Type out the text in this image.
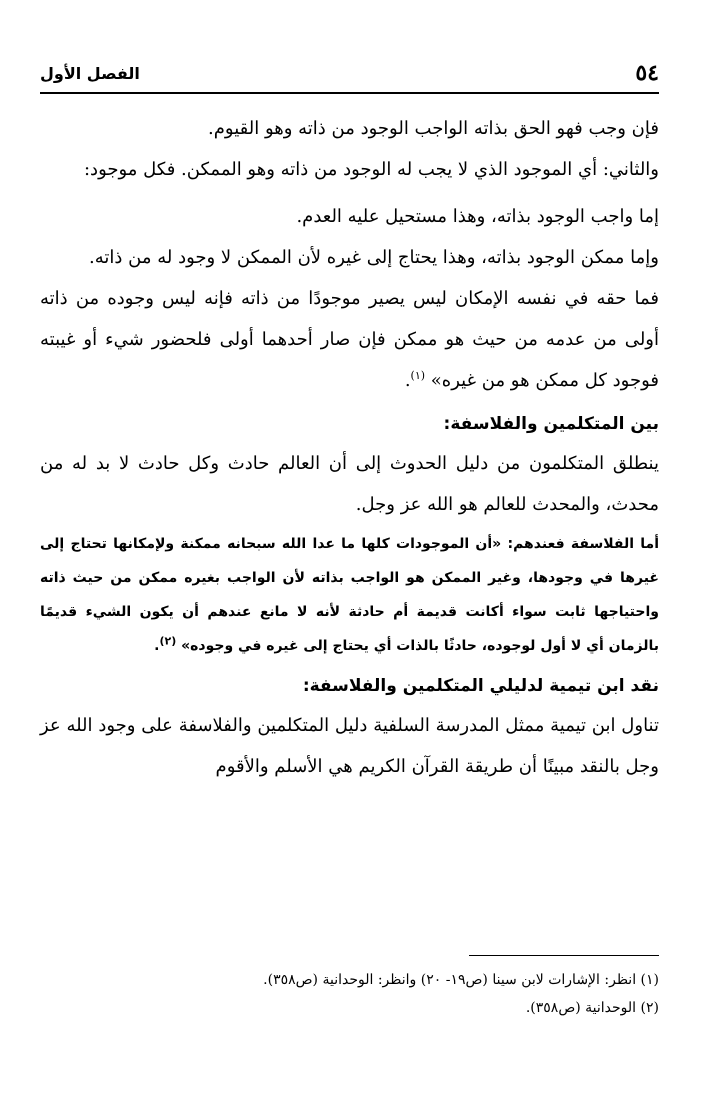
٥٤
الفصل الأول

فإن وجب فهو الحق بذاته الواجب الوجود من ذاته وهو القيوم.

والثاني: أي الموجود الذي لا يجب له الوجود من ذاته وهو الممكن. فكل موجود:

إما واجب الوجود بذاته، وهذا مستحيل عليه العدم.

وإما ممكن الوجود بذاته، وهذا يحتاج إلى غيره لأن الممكن لا وجود له من ذاته.

فما حقه في نفسه الإمكان ليس يصير موجودًا من ذاته فإنه ليس وجوده من ذاته أولى من عدمه من حيث هو ممكن فإن صار أحدهما أولى فلحضور شيء أو غيبته فوجود كل ممكن هو من غيره» $^{(١)}$.

بين المتكلمين والفلاسفة:

ينطلق المتكلمون من دليل الحدوث إلى أن العالم حادث وكل حادث لا بد له من محدث، والمحدث للعالم هو الله عز وجل.

أما الفلاسفة فعندهم: «أن الموجودات كلها ما عدا الله سبحانه ممكنة ولإمكانها تحتاج إلى غيرها في وجودها، وغير الممكن هو الواجب بذاته لأن الواجب بغيره ممكن من حيث ذاته واحتياجها ثابت سواء أكانت قديمة أم حادثة لأنه لا مانع عندهم أن يكون الشيء قديمًا بالزمان أي لا أول لوجوده، حادثًا بالذات أي يحتاج إلى غيره في وجوده» $^{(٢)}$.

نقد ابن تيمية لدليلي المتكلمين والفلاسفة:

تناول ابن تيمية ممثل المدرسة السلفية دليل المتكلمين والفلاسفة على وجود الله عز وجل بالنقد مبينًا أن طريقة القرآن الكريم هي الأسلم والأقوم

(١) انظر: الإشارات لابن سينا (ص١٩- ٢٠) وانظر: الوحدانية (ص٣٥٨).

(٢) الوحدانية (ص٣٥٨).
